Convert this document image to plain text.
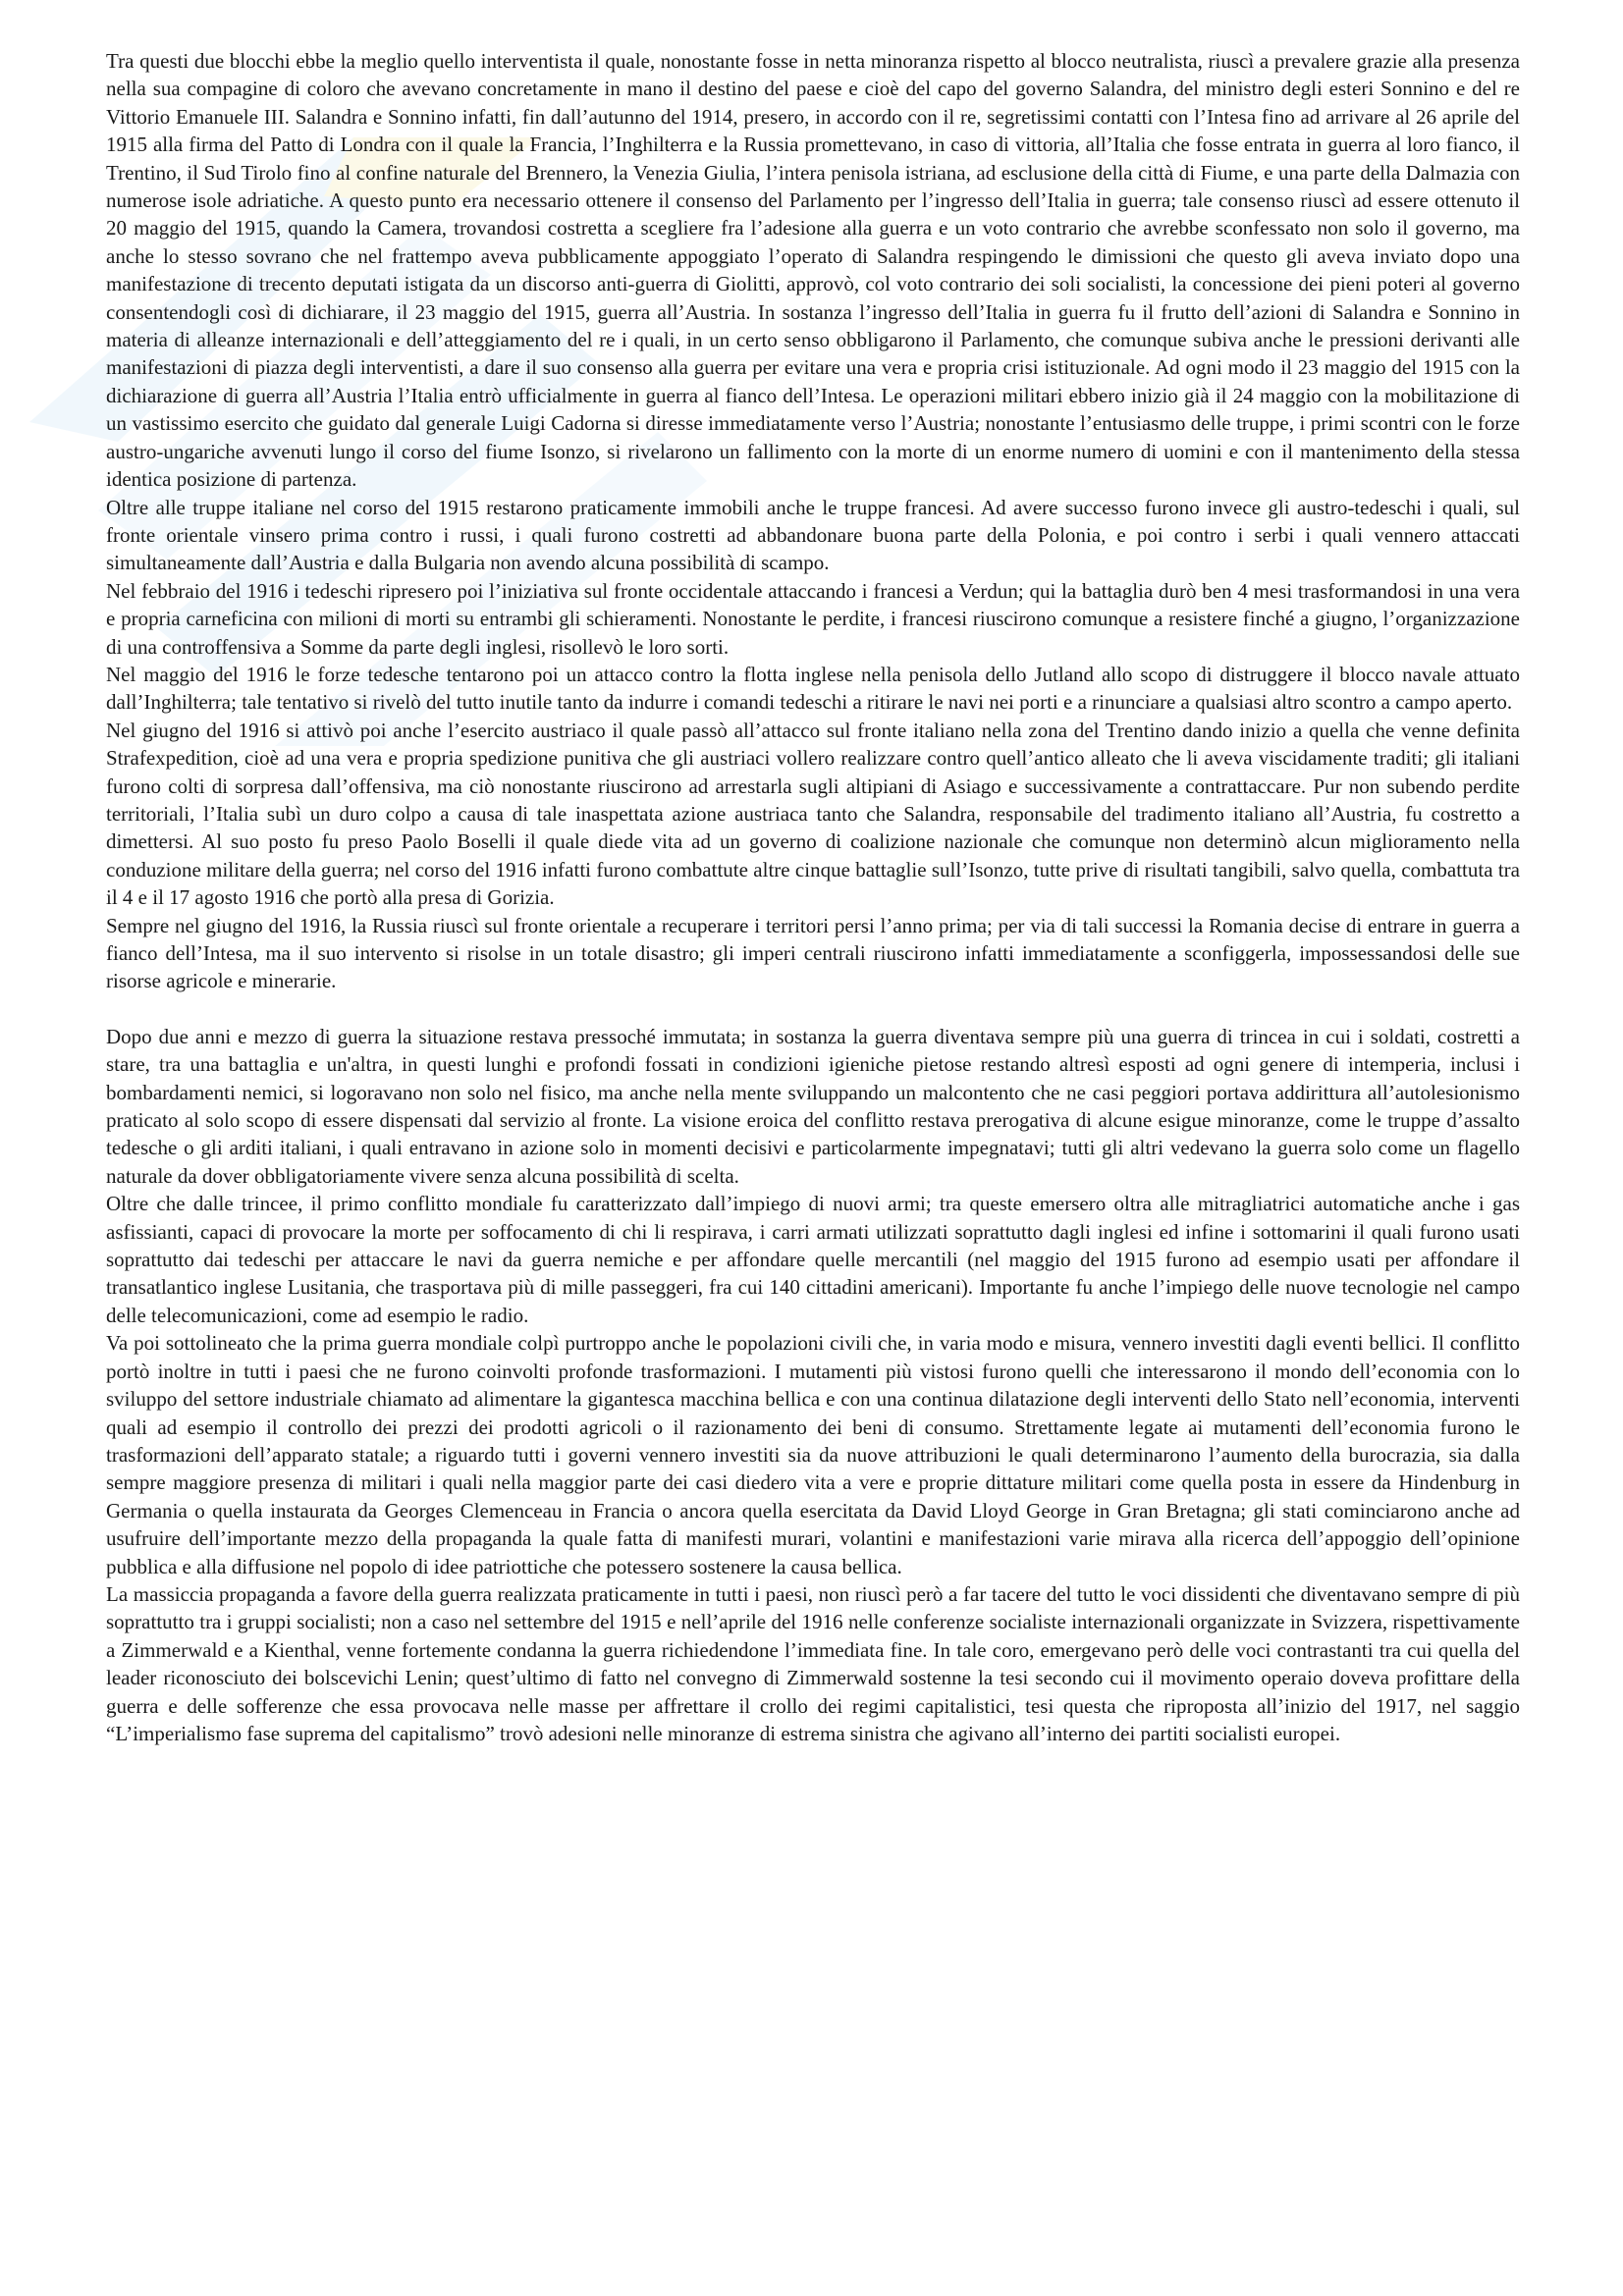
Tra questi due blocchi ebbe la meglio quello interventista il quale, nonostante fosse in netta minoranza rispetto al blocco neutralista, riuscì a prevalere grazie alla presenza nella sua compagine di coloro che avevano concretamente in mano il destino del paese e cioè del capo del governo Salandra, del ministro degli esteri Sonnino e del re Vittorio Emanuele III. Salandra e Sonnino infatti, fin dall’autunno del 1914, presero, in accordo con il re, segretissimi contatti con l’Intesa fino ad arrivare al 26 aprile del 1915 alla firma del Patto di Londra con il quale la Francia, l’Inghilterra e la Russia promettevano, in caso di vittoria, all’Italia che fosse entrata in guerra al loro fianco, il Trentino, il Sud Tirolo fino al confine naturale del Brennero, la Venezia Giulia, l’intera penisola istriana, ad esclusione della città di Fiume, e una parte della Dalmazia con numerose isole adriatiche. A questo punto era necessario ottenere il consenso del Parlamento per l’ingresso dell’Italia in guerra; tale consenso riuscì ad essere ottenuto il 20 maggio del 1915, quando la Camera, trovandosi costretta a scegliere fra l’adesione alla guerra e un voto contrario che avrebbe sconfessato non solo il governo, ma anche lo stesso sovrano che nel frattempo aveva pubblicamente appoggiato l’operato di Salandra respingendo le dimissioni che questo gli aveva inviato dopo una manifestazione di trecento deputati istigata da un discorso anti-guerra di Giolitti, approvò, col voto contrario dei soli socialisti, la concessione dei pieni poteri al governo consentendogli così di dichiarare, il 23 maggio del 1915, guerra all’Austria. In sostanza l’ingresso dell’Italia in guerra fu il frutto dell’azioni di Salandra e Sonnino in materia di alleanze internazionali e dell’atteggiamento del re i quali, in un certo senso obbligarono il Parlamento, che comunque subiva anche le pressioni derivanti alle manifestazioni di piazza degli interventisti, a dare il suo consenso alla guerra per evitare una vera e propria crisi istituzionale. Ad ogni modo il 23 maggio del 1915 con la dichiarazione di guerra all’Austria l’Italia entrò ufficialmente in guerra al fianco dell’Intesa. Le operazioni militari ebbero inizio già il 24 maggio con la mobilitazione di un vastissimo esercito che guidato dal generale Luigi Cadorna si diresse immediatamente verso l’Austria; nonostante l’entusiasmo delle truppe, i primi scontri con le forze austro-ungariche avvenuti lungo il corso del fiume Isonzo, si rivelarono un fallimento con la morte di un enorme numero di uomini e con il mantenimento della stessa identica posizione di partenza.

Oltre alle truppe italiane nel corso del 1915 restarono praticamente immobili anche le truppe francesi. Ad avere successo furono invece gli austro-tedeschi i quali, sul fronte orientale vinsero prima contro i russi, i quali furono costretti ad abbandonare buona parte della Polonia, e poi contro i serbi i quali vennero attaccati simultaneamente dall’Austria e dalla Bulgaria non avendo alcuna possibilità di scampo.

Nel febbraio del 1916 i tedeschi ripresero poi l’iniziativa sul fronte occidentale attaccando i francesi a Verdun; qui la battaglia durò ben 4 mesi trasformandosi in una vera e propria carneficina con milioni di morti su entrambi gli schieramenti. Nonostante le perdite, i francesi riuscirono comunque a resistere finché a giugno, l’organizzazione di una controffensiva a Somme da parte degli inglesi, risollevò le loro sorti.

Nel maggio del 1916 le forze tedesche tentarono poi un attacco contro la flotta inglese nella penisola dello Jutland allo scopo di distruggere il blocco navale attuato dall’Inghilterra; tale tentativo si rivelò del tutto inutile tanto da indurre i comandi tedeschi a ritirare le navi nei porti e a rinunciare a qualsiasi altro scontro a campo aperto.

Nel giugno del 1916 si attivò poi anche l’esercito austriaco il quale passò all’attacco sul fronte italiano nella zona del Trentino dando inizio a quella che venne definita Strafexpedition, cioè ad una vera e propria spedizione punitiva che gli austriaci vollero realizzare contro quell’antico alleato che li aveva viscidamente traditi; gli italiani furono colti di sorpresa dall’offensiva, ma ciò nonostante riuscirono ad arrestarla sugli altipiani di Asiago e successivamente a contrattaccare. Pur non subendo perdite territoriali, l’Italia subì un duro colpo a causa di tale inaspettata azione austriaca tanto che Salandra, responsabile del tradimento italiano all’Austria, fu costretto a dimettersi. Al suo posto fu preso Paolo Boselli il quale diede vita ad un governo di coalizione nazionale che comunque non determinò alcun miglioramento nella conduzione militare della guerra; nel corso del 1916 infatti furono combattute altre cinque battaglie sull’Isonzo, tutte prive di risultati tangibili, salvo quella, combattuta tra il 4 e il 17 agosto 1916 che portò alla presa di Gorizia.

Sempre nel giugno del 1916, la Russia riuscì sul fronte orientale a recuperare i territori persi l’anno prima; per via di tali successi la Romania decise di entrare in guerra a fianco dell’Intesa, ma il suo intervento si risolse in un totale disastro; gli imperi centrali riuscirono infatti immediatamente a sconfiggerla, impossessandosi delle sue risorse agricole e minerarie.

Dopo due anni e mezzo di guerra la situazione restava pressoché immutata; in sostanza la guerra diventava sempre più una guerra di trincea in cui i soldati, costretti a stare, tra una battaglia e un'altra, in questi lunghi e profondi fossati in condizioni igieniche pietose restando altresì esposti ad ogni genere di intemperia, inclusi i bombardamenti nemici, si logoravano non solo nel fisico, ma anche nella mente sviluppando un malcontento che ne casi peggiori portava addirittura all’autolesionismo praticato al solo scopo di essere dispensati dal servizio al fronte. La visione eroica del conflitto restava prerogativa di alcune esigue minoranze, come le truppe d’assalto tedesche o gli arditi italiani, i quali entravano in azione solo in momenti decisivi e particolarmente impegnatavi; tutti gli altri vedevano la guerra solo come un flagello naturale da dover obbligatoriamente vivere senza alcuna possibilità di scelta.

Oltre che dalle trincee, il primo conflitto mondiale fu caratterizzato dall’impiego di nuovi armi; tra queste emersero oltra alle mitragliatrici automatiche anche i gas asfissianti, capaci di provocare la morte per soffocamento di chi li respirava, i carri armati utilizzati soprattutto dagli inglesi ed infine i sottomarini il quali furono usati soprattutto dai tedeschi per attaccare le navi da guerra nemiche e per affondare quelle mercantili (nel maggio del 1915 furono ad esempio usati per affondare il transatlantico inglese Lusitania, che trasportava più di mille passeggeri, fra cui 140 cittadini americani). Importante fu anche l’impiego delle nuove tecnologie nel campo delle telecomunicazioni, come ad esempio le radio.

Va poi sottolineato che la prima guerra mondiale colpì purtroppo anche le popolazioni civili che, in varia modo e misura, vennero investiti dagli eventi bellici. Il conflitto portò inoltre in tutti i paesi che ne furono coinvolti profonde trasformazioni. I mutamenti più vistosi furono quelli che interessarono il mondo dell’economia con lo sviluppo del settore industriale chiamato ad alimentare la gigantesca macchina bellica e con una continua dilatazione degli interventi dello Stato nell’economia, interventi quali ad esempio il controllo dei prezzi dei prodotti agricoli o il razionamento dei beni di consumo. Strettamente legate ai mutamenti dell’economia furono le trasformazioni dell’apparato statale; a riguardo tutti i governi vennero investiti sia da nuove attribuzioni le quali determinarono l’aumento della burocrazia, sia dalla sempre maggiore presenza di militari i quali nella maggior parte dei casi diedero vita a vere e proprie dittature militari come quella posta in essere da Hindenburg in Germania o quella instaurata da Georges Clemenceau in Francia o ancora quella esercitata da David Lloyd George in Gran Bretagna; gli stati cominciarono anche ad usufruire dell’importante mezzo della propaganda la quale fatta di manifesti murari, volantini e manifestazioni varie mirava alla ricerca dell’appoggio dell’opinione pubblica e alla diffusione nel popolo di idee patriottiche che potessero sostenere la causa bellica.

La massiccia propaganda a favore della guerra realizzata praticamente in tutti i paesi, non riuscì però a far tacere del tutto le voci dissidenti che diventavano sempre di più soprattutto tra i gruppi socialisti; non a caso nel settembre del 1915 e nell’aprile del 1916 nelle conferenze socialiste internazionali organizzate in Svizzera, rispettivamente a Zimmerwald e a Kienthal, venne fortemente condanna la guerra richiedendone l’immediata fine. In tale coro, emergevano però delle voci contrastanti tra cui quella del leader riconosciuto dei bolscevichi Lenin; quest’ultimo di fatto nel convegno di Zimmerwald sostenne la tesi secondo cui il movimento operaio doveva profittare della guerra e delle sofferenze che essa provocava nelle masse per affrettare il crollo dei regimi capitalistici, tesi questa che riproposta all’inizio del 1917, nel saggio “L’imperialismo fase suprema del capitalismo” trovò adesioni nelle minoranze di estrema sinistra che agivano all’interno dei partiti socialisti europei.
